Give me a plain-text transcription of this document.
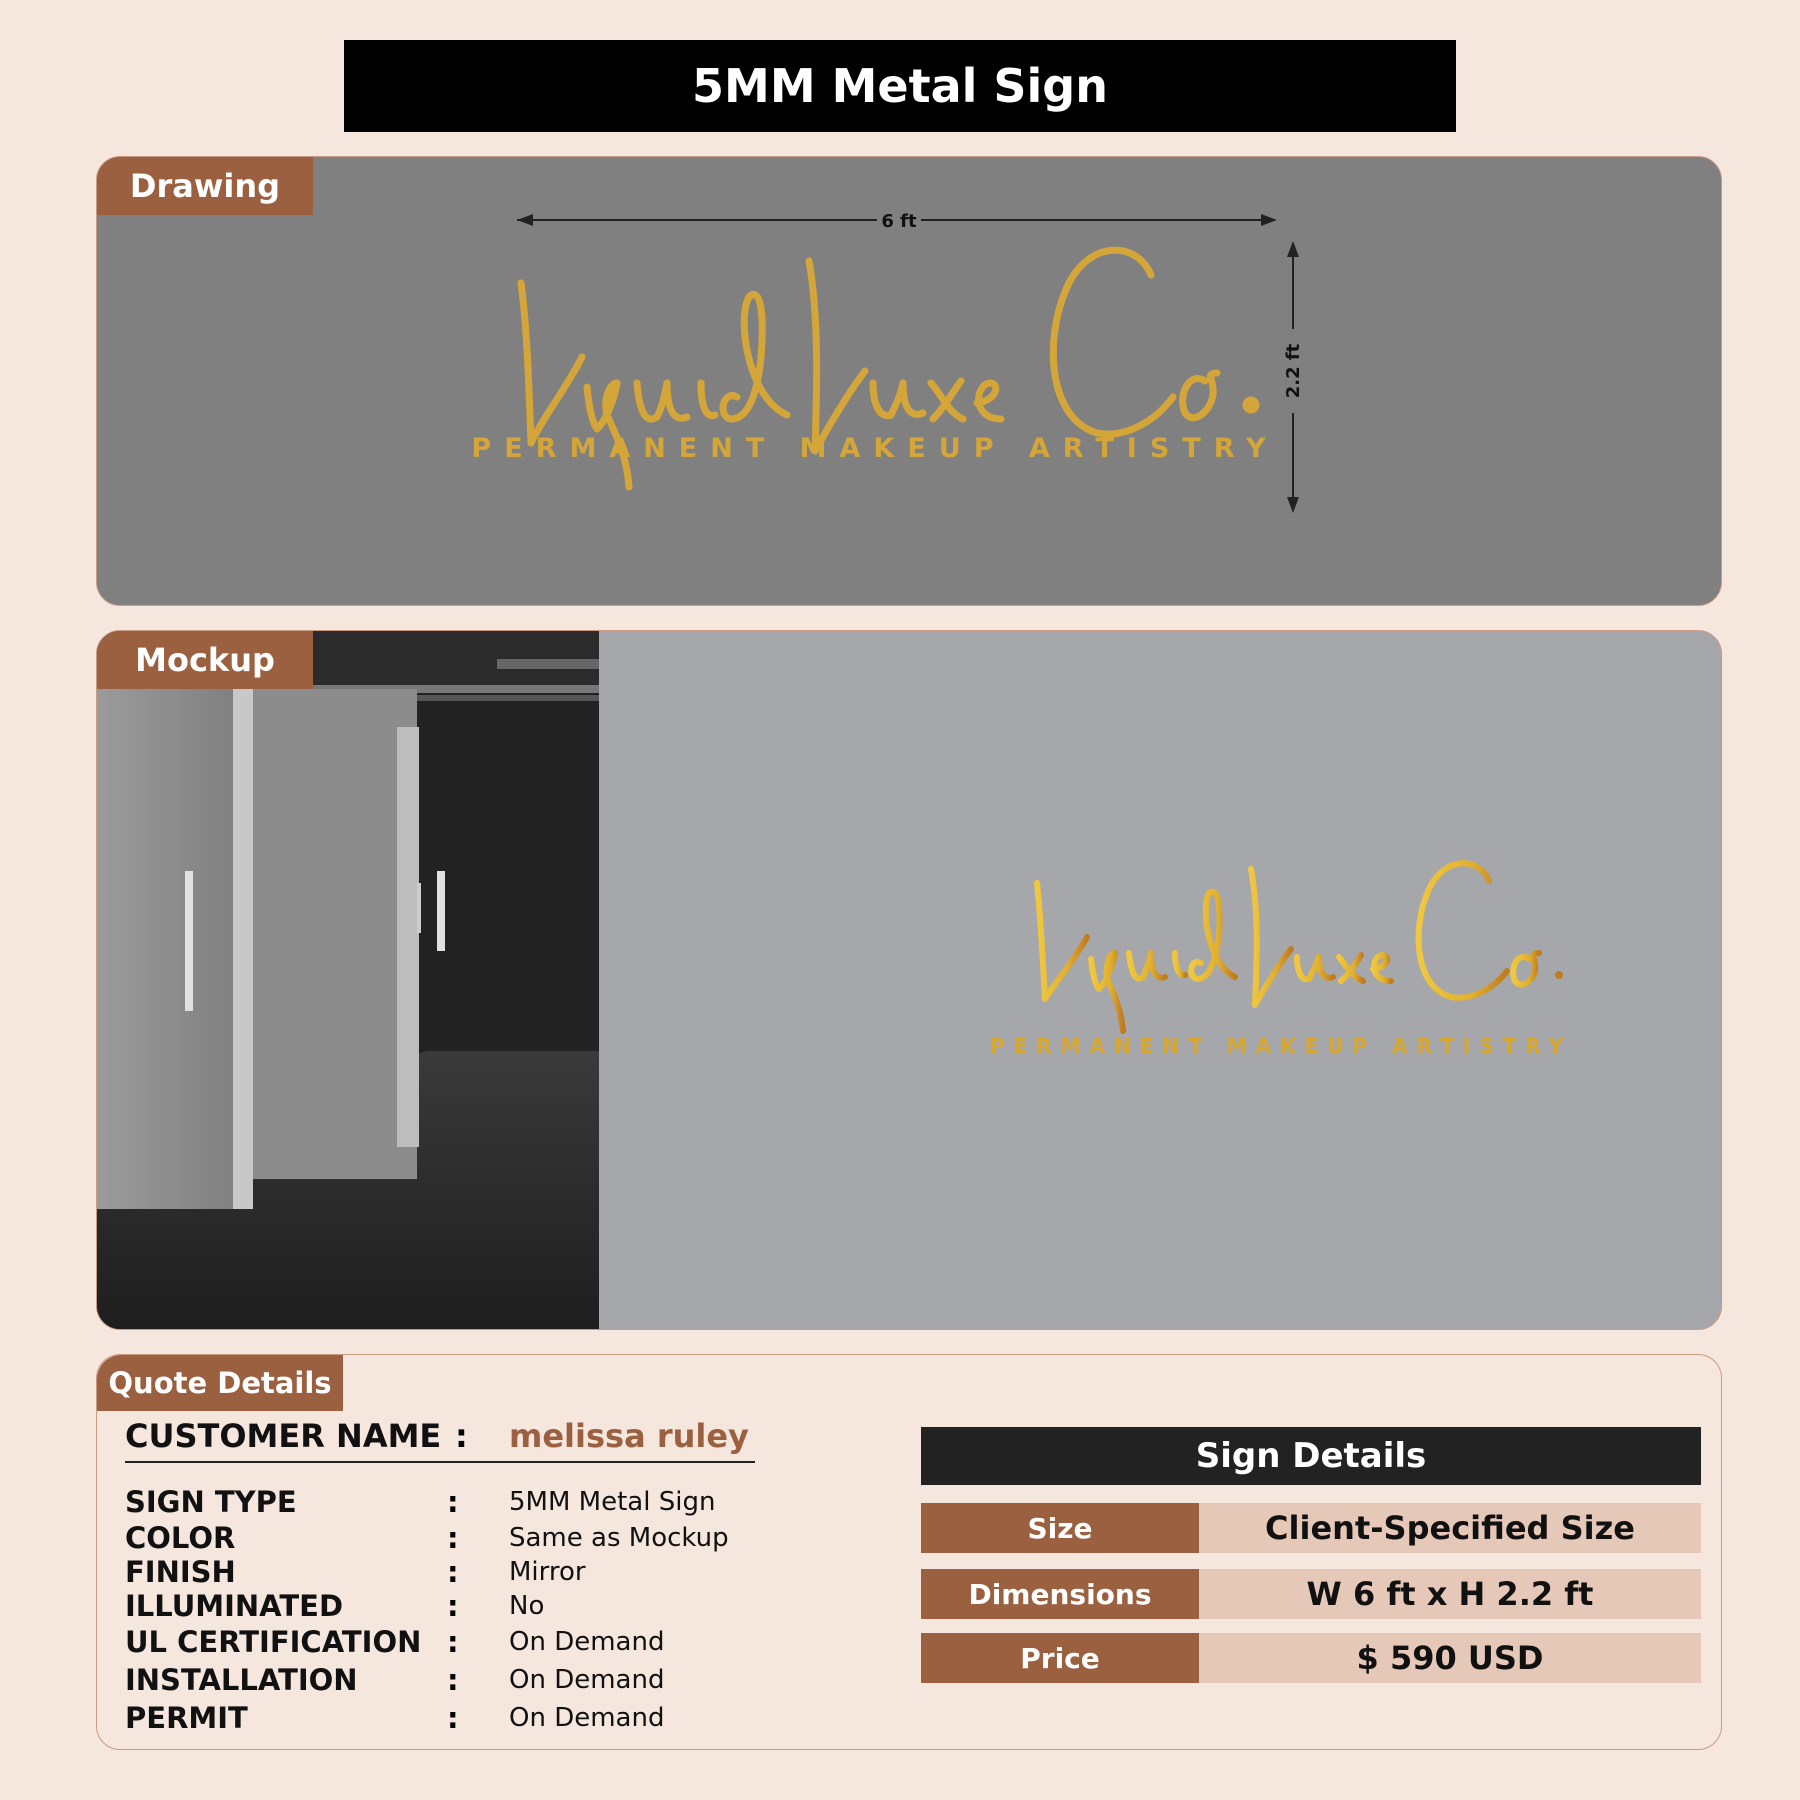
5MM Metal Sign
Drawing
6 ft
2.2 ft
PERMANENT MAKEUP ARTISTRY
Mockup
PERMANENT MAKEUP ARTISTRY
Quote Details
CUSTOMER NAME : melissa ruley
SIGN TYPE	: 5MM Metal Sign
COLOR	: Same as Mockup
FINISH	: Mirror
ILLUMINATED	: No
UL CERTIFICATION : On Demand
INSTALLATION	: On Demand
PERMIT	: On Demand
Sign Details
Size	Client-Specified Size
Dimensions	W 6 ft x H 2.2 ft
Price	$ 590 USD
